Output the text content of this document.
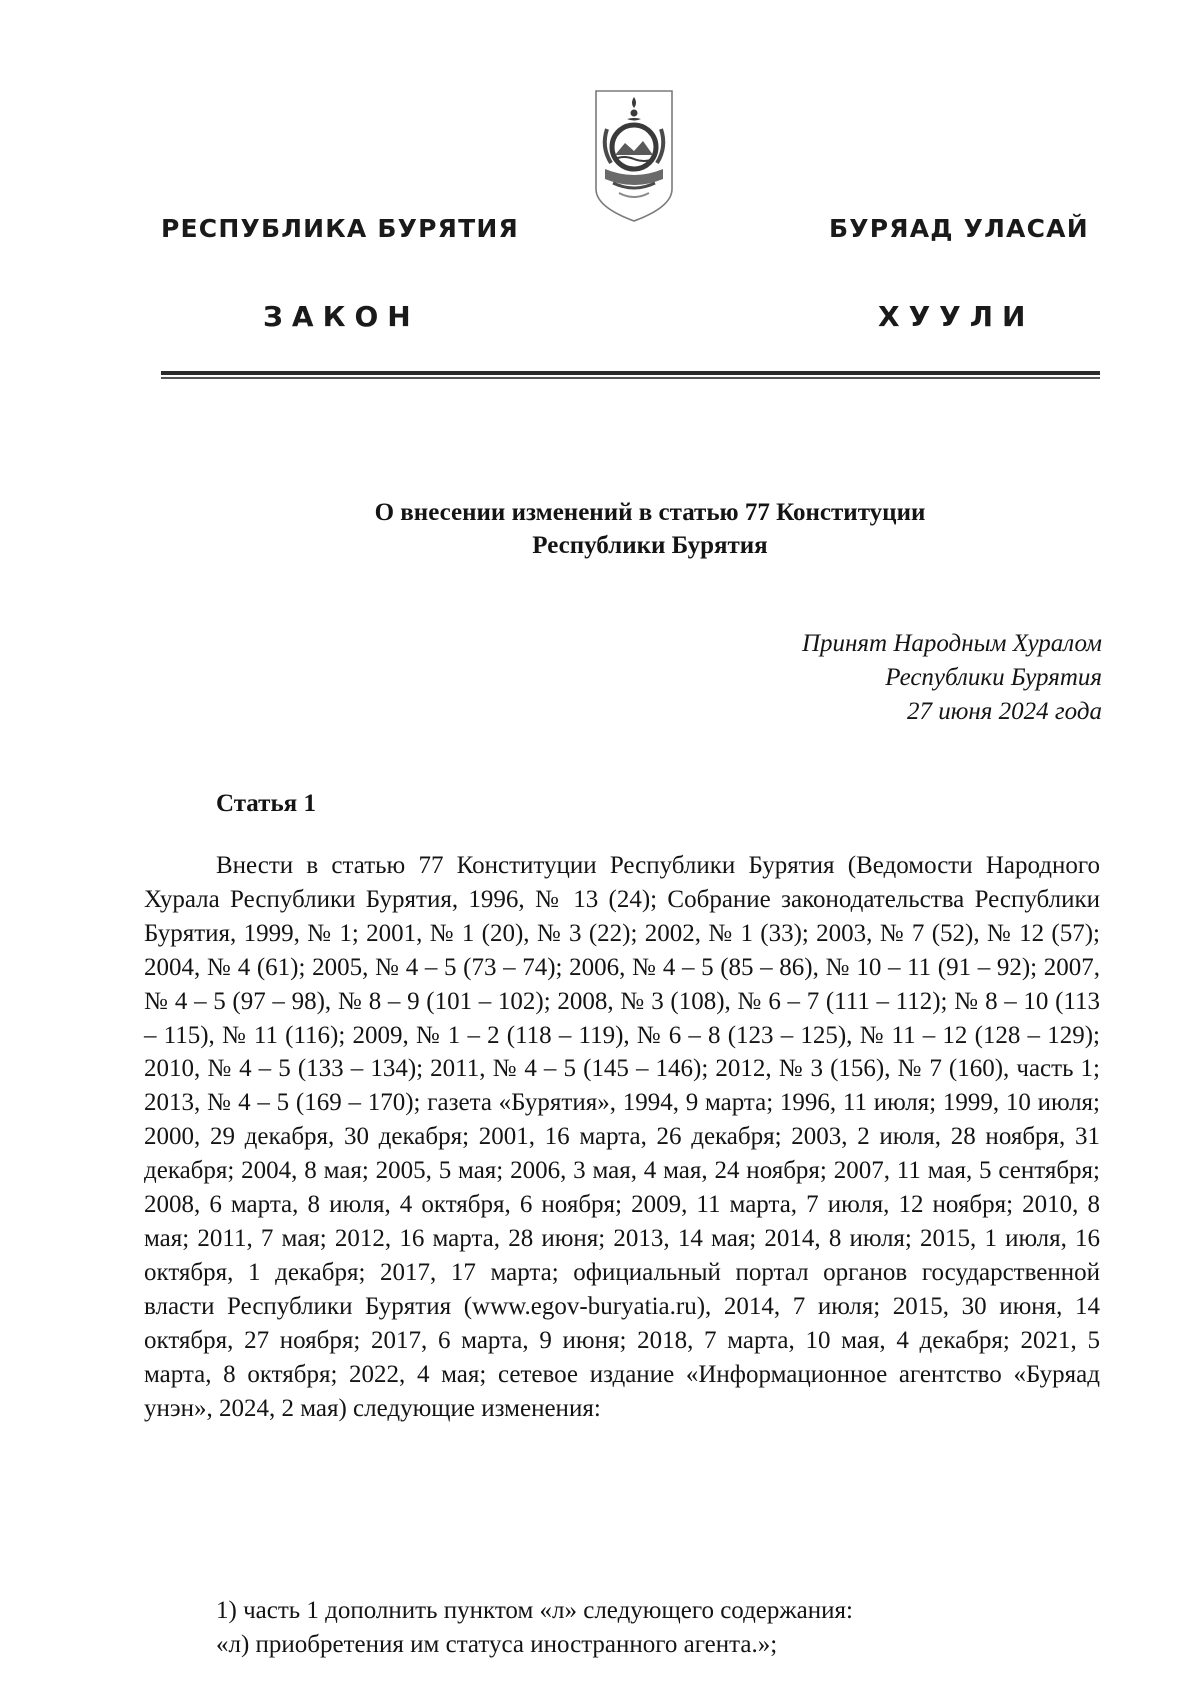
РЕСПУБЛИКА БУРЯТИЯ	БУРЯАД УЛАСАЙ
ЗАКОН	ХУУЛИ
О внесении изменений в статью 77 Конституции
Республики Бурятия
Принят Народным Хуралом
Республики Бурятия
27 июня 2024 года
Статья 1

Внести в статью 77 Конституции Республики Бурятия (Ведомости Народного Хурала Республики Бурятия, 1996, № 13 (24); Собрание законодательства Республики Бурятия, 1999, № 1; 2001, № 1 (20), № 3 (22); 2002, № 1 (33); 2003, № 7 (52), № 12 (57); 2004, № 4 (61); 2005, № 4 – 5 (73 – 74); 2006, № 4 – 5 (85 – 86), № 10 – 11 (91 – 92); 2007, № 4 – 5 (97 – 98), № 8 – 9 (101 – 102); 2008, № 3 (108), № 6 – 7 (111 – 112); № 8 – 10 (113 – 115), № 11 (116); 2009, № 1 – 2 (118 – 119), № 6 – 8 (123 – 125), № 11 – 12 (128 – 129); 2010, № 4 – 5 (133 – 134); 2011, № 4 – 5 (145 – 146); 2012, № 3 (156), № 7 (160), часть 1; 2013, № 4 – 5 (169 – 170); газета «Бурятия», 1994, 9 марта; 1996, 11 июля; 1999, 10 июля; 2000, 29 декабря, 30 декабря; 2001, 16 марта, 26 декабря; 2003, 2 июля, 28 ноября, 31 декабря; 2004, 8 мая; 2005, 5 мая; 2006, 3 мая, 4 мая, 24 ноября; 2007, 11 мая, 5 сентября; 2008, 6 марта, 8 июля, 4 октября, 6 ноября; 2009, 11 марта, 7 июля, 12 ноября; 2010, 8 мая; 2011, 7 мая; 2012, 16 марта, 28 июня; 2013, 14 мая; 2014, 8 июля; 2015, 1 июля, 16 октября, 1 декабря; 2017, 17 марта; официальный портал органов государственной власти Республики Бурятия (www.egov-buryatia.ru), 2014, 7 июля; 2015, 30 июня, 14 октября, 27 ноября; 2017, 6 марта, 9 июня; 2018, 7 марта, 10 мая, 4 декабря; 2021, 5 марта, 8 октября; 2022, 4 мая; сетевое издание «Информационное агентство «Буряад унэн», 2024, 2 мая) следующие изменения:

1) часть 1 дополнить пунктом «л» следующего содержания:
«л) приобретения им статуса иностранного агента.»;
